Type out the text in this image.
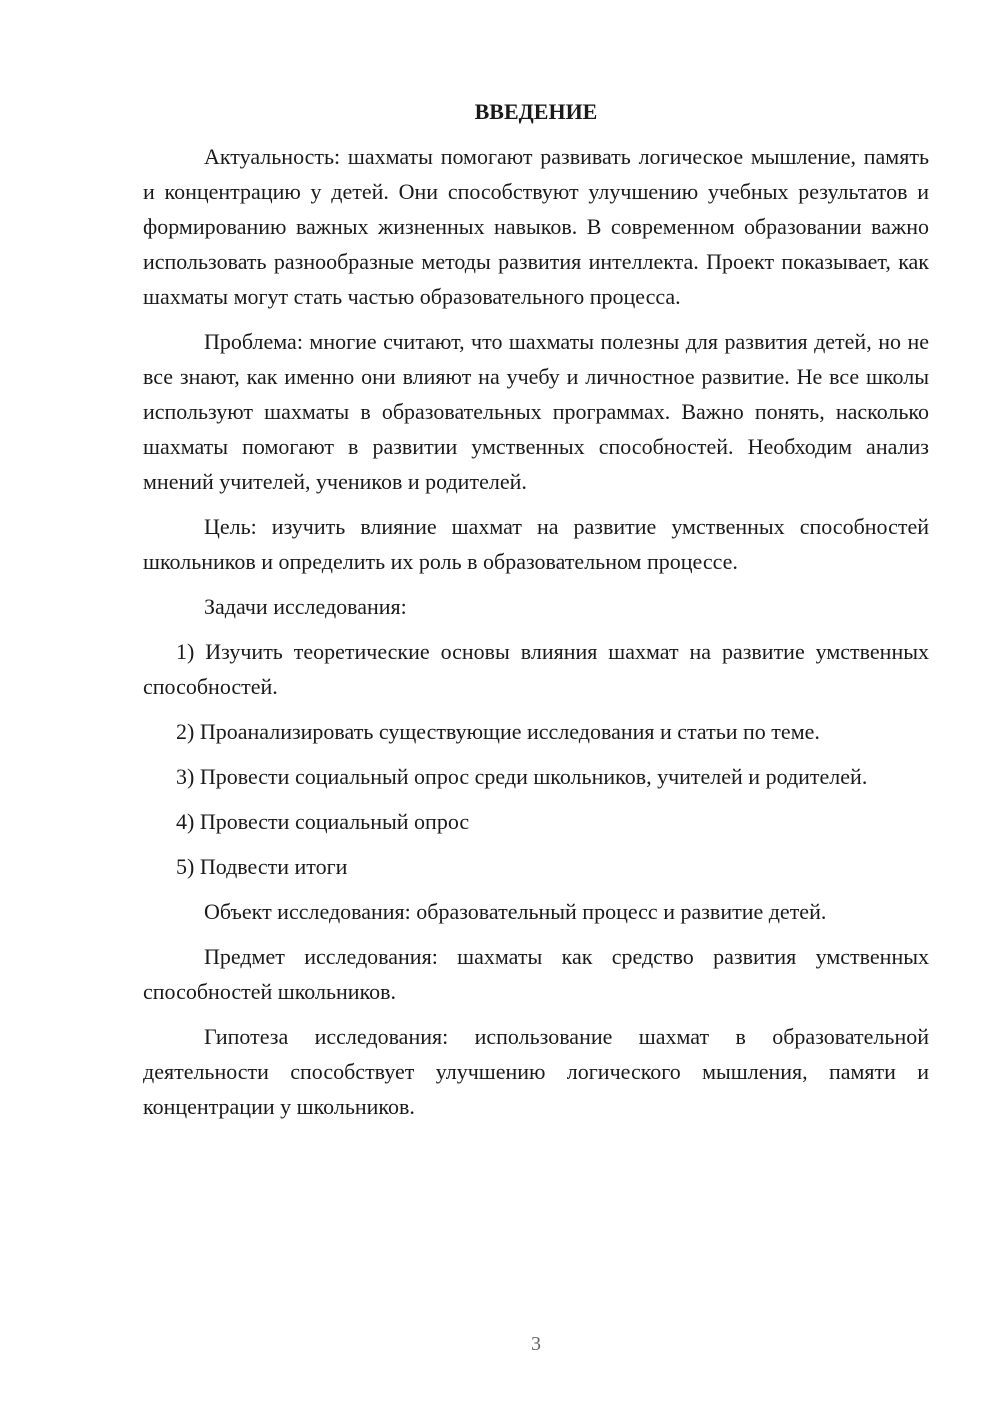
ВВЕДЕНИЕ

Актуальность: шахматы помогают развивать логическое мышление, память и концентрацию у детей. Они способствуют улучшению учебных результатов и формированию важных жизненных навыков. В современном образовании важно использовать разнообразные методы развития интеллекта. Проект показывает, как шахматы могут стать частью образовательного процесса.

Проблема: многие считают, что шахматы полезны для развития детей, но не все знают, как именно они влияют на учебу и личностное развитие. Не все школы используют шахматы в образовательных программах. Важно понять, насколько шахматы помогают в развитии умственных способностей. Необходим анализ мнений учителей, учеников и родителей.

Цель: изучить влияние шахмат на развитие умственных способностей школьников и определить их роль в образовательном процессе.

Задачи исследования:

1) Изучить теоретические основы влияния шахмат на развитие умственных способностей.

2) Проанализировать существующие исследования и статьи по теме.

3) Провести социальный опрос среди школьников, учителей и родителей.

4) Провести социальный опрос

5) Подвести итоги

Объект исследования: образовательный процесс и развитие детей.

Предмет исследования: шахматы как средство развития умственных способностей школьников.

Гипотеза исследования: использование шахмат в образовательной деятельности способствует улучшению логического мышления, памяти и концентрации у школьников.

3
